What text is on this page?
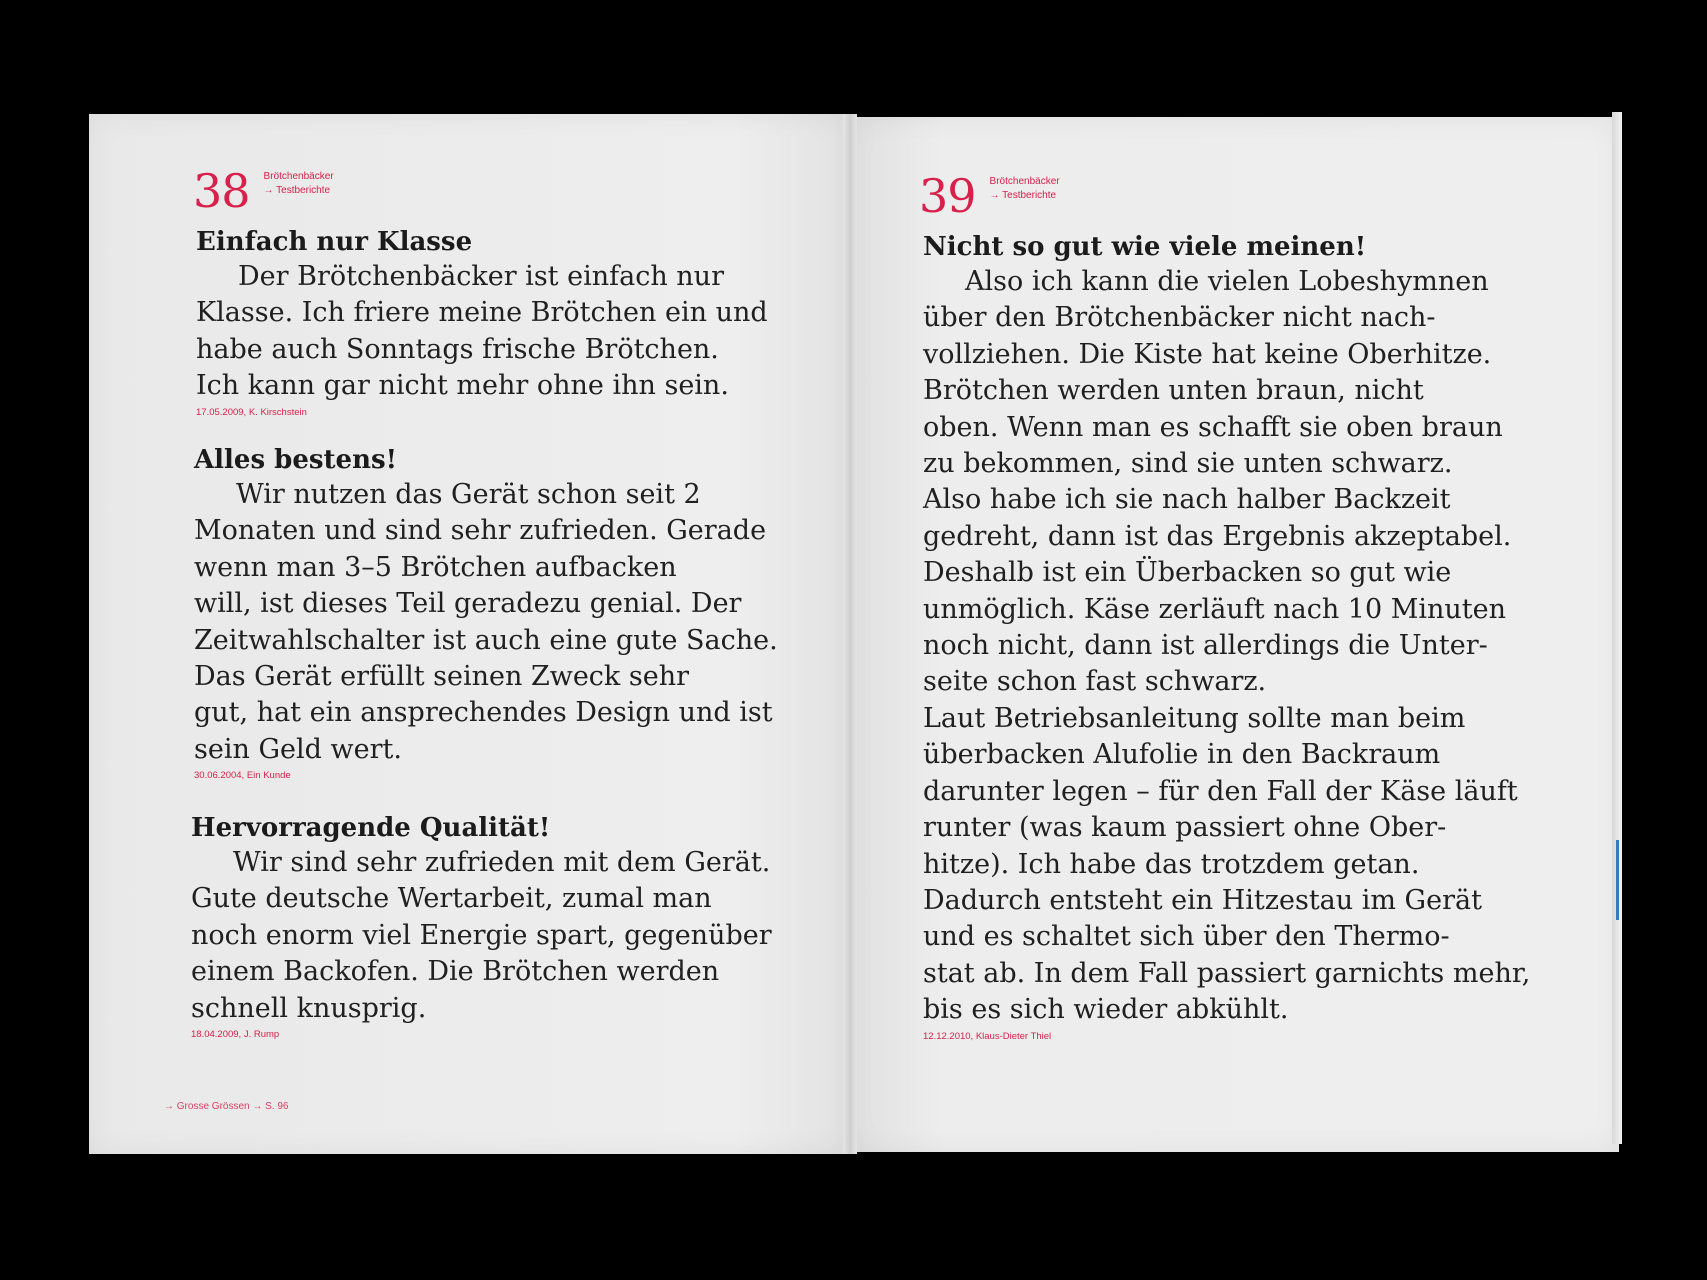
38 Brötchenbäcker
→ Testberichte
Einfach nur Klasse

Der Brötchenbäcker ist einfach nur
Klasse. Ich friere meine Brötchen ein und
habe auch Sonntags frische Brötchen.
Ich kann gar nicht mehr ohne ihn sein.

17.05.2009, K. Kirschstein
Alles bestens!

Wir nutzen das Gerät schon seit 2
Monaten und sind sehr zufrieden. Gerade
wenn man 3–5 Brötchen aufbacken
will, ist dieses Teil geradezu genial. Der
Zeitwahlschalter ist auch eine gute Sache.
Das Gerät erfüllt seinen Zweck sehr
gut, hat ein ansprechendes Design und ist
sein Geld wert.

30.06.2004, Ein Kunde
Hervorragende Qualität!

Wir sind sehr zufrieden mit dem Gerät.
Gute deutsche Wertarbeit, zumal man
noch enorm viel Energie spart, gegenüber
einem Backofen. Die Brötchen werden
schnell knusprig.

18.04.2009, J. Rump
→ Grosse Grössen → S. 96
39 Brötchenbäcker
→ Testberichte
Nicht so gut wie viele meinen!

Also ich kann die vielen Lobeshymnen
über den Brötchenbäcker nicht nach-
vollziehen. Die Kiste hat keine Oberhitze.
Brötchen werden unten braun, nicht
oben. Wenn man es schafft sie oben braun
zu bekommen, sind sie unten schwarz.
Also habe ich sie nach halber Backzeit
gedreht, dann ist das Ergebnis akzeptabel.
Deshalb ist ein Überbacken so gut wie
unmöglich. Käse zerläuft nach 10 Minuten
noch nicht, dann ist allerdings die Unter-
seite schon fast schwarz.
Laut Betriebsanleitung sollte man beim
überbacken Alufolie in den Backraum
darunter legen – für den Fall der Käse läuft
runter (was kaum passiert ohne Ober-
hitze). Ich habe das trotzdem getan.
Dadurch entsteht ein Hitzestau im Gerät
und es schaltet sich über den Thermo-
stat ab. In dem Fall passiert garnichts mehr,
bis es sich wieder abkühlt.

12.12.2010, Klaus-Dieter Thiel
